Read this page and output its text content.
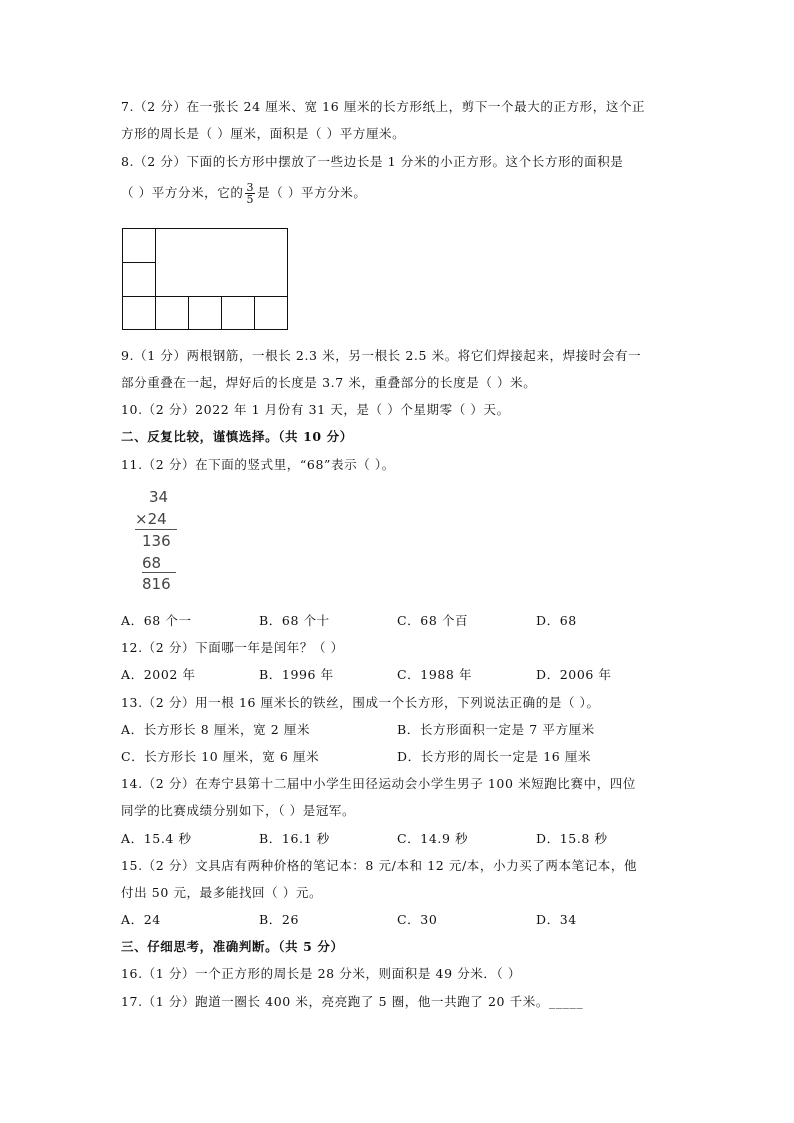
7.（2 分）在一张长 24 厘米、宽 16 厘米的长方形纸上，剪下一个最大的正方形，这个正
方形的周长是（ ）厘米，面积是（ ）平方厘米。
8.（2 分）下面的长方形中摆放了一些边长是 1 分米的小正方形。这个长方形的面积是
（ ）平方分米，它的 $\frac{3}{5}$ 是（ ）平方分米。
9.（1 分）两根钢筋，一根长 2.3 米，另一根长 2.5 米。将它们焊接起来，焊接时会有一
部分重叠在一起，焊好后的长度是 3.7 米，重叠部分的长度是（ ）米。
10.（2 分）2022 年 1 月份有 31 天，是（ ）个星期零（ ）天。
二、反复比较，谨慎选择。（共 10 分）
11.（2 分）在下面的竖式里，“68”表示（ ）。
34
×24
136
68
816
A．68 个一	B．68 个十	C．68 个百	D．68
12.（2 分）下面哪一年是闰年？（ ）
A．2002 年	B．1996 年	C．1988 年	D．2006 年
13.（2 分）用一根 16 厘米长的铁丝，围成一个长方形，下列说法正确的是（ ）。
A．长方形长 8 厘米，宽 2 厘米	B．长方形面积一定是 7 平方厘米
C．长方形长 10 厘米，宽 6 厘米	D．长方形的周长一定是 16 厘米
14.（2 分）在寿宁县第十二届中小学生田径运动会小学生男子 100 米短跑比赛中，四位
同学的比赛成绩分别如下，（ ）是冠军。
A．15.4 秒	B．16.1 秒	C．14.9 秒	D．15.8 秒
15.（2 分）文具店有两种价格的笔记本：8 元/本和 12 元/本，小力买了两本笔记本，他
付出 50 元，最多能找回（ ）元。
A．24	B．26	C．30	D．34
三、仔细思考，准确判断。（共 5 分）
16.（1 分）一个正方形的周长是 28 分米，则面积是 49 分米．（ ）
17.（1 分）跑道一圈长 400 米，亮亮跑了 5 圈，他一共跑了 20 千米。_____
